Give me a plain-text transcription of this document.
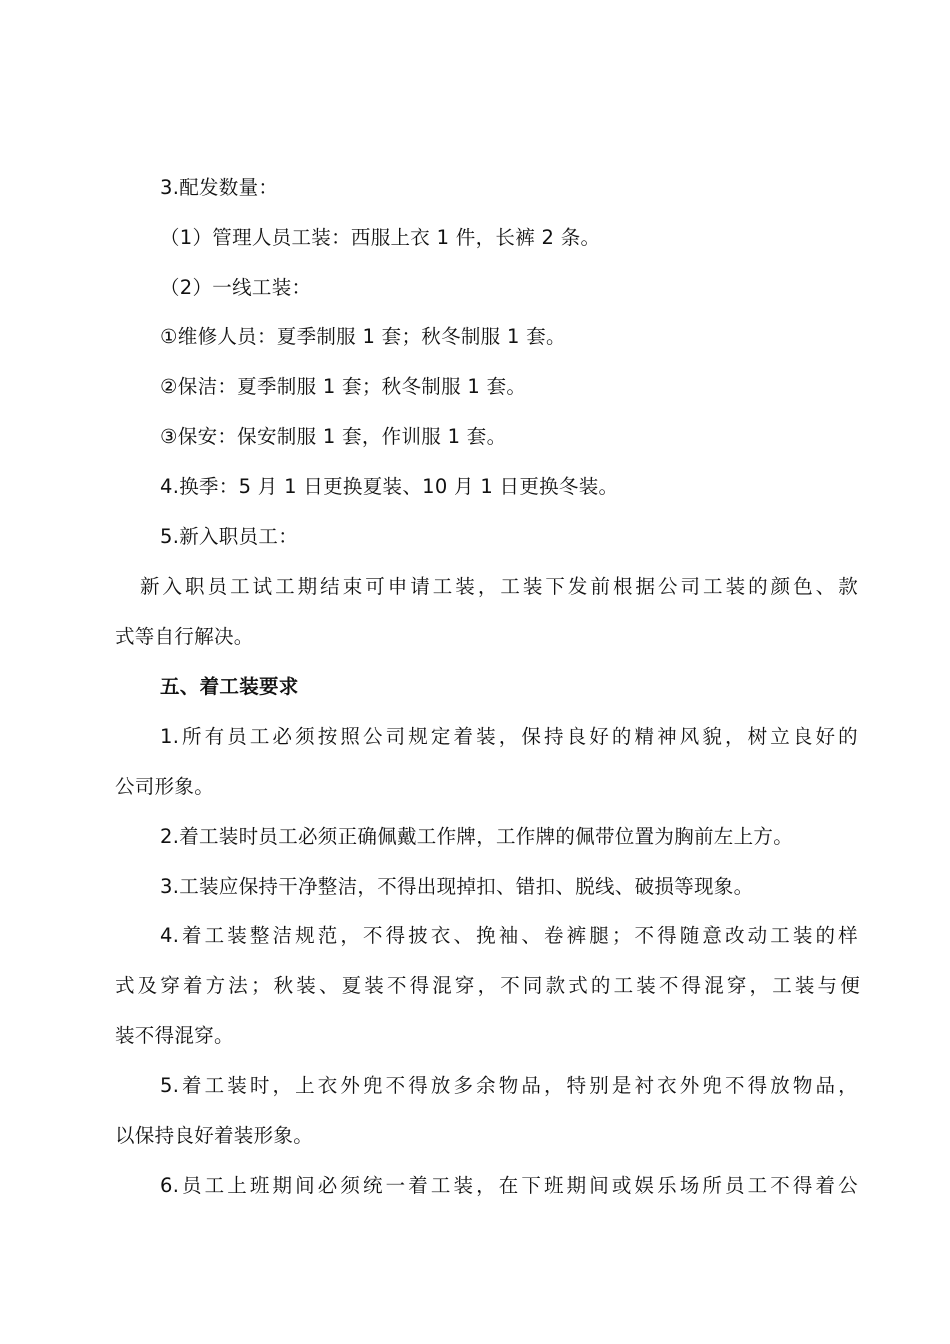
3.配发数量：
（1）管理人员工装：西服上衣 1 件，长裤 2 条。
（2）一线工装：
①维修人员：夏季制服 1 套；秋冬制服 1 套。
②保洁：夏季制服 1 套；秋冬制服 1 套。
③保安：保安制服 1 套，作训服 1 套。
4.换季：5 月 1 日更换夏装、10 月 1 日更换冬装。
5.新入职员工：
新入职员工试工期结束可申请工装，工装下发前根据公司工装的颜色、款
式等自行解决。
五、着工装要求
1.所有员工必须按照公司规定着装，保持良好的精神风貌，树立良好的
公司形象。
2.着工装时员工必须正确佩戴工作牌，工作牌的佩带位置为胸前左上方。
3.工装应保持干净整洁，不得出现掉扣、错扣、脱线、破损等现象。
4.着工装整洁规范，不得披衣、挽袖、卷裤腿；不得随意改动工装的样
式及穿着方法；秋装、夏装不得混穿，不同款式的工装不得混穿，工装与便
装不得混穿。
5.着工装时，上衣外兜不得放多余物品，特别是衬衣外兜不得放物品，
以保持良好着装形象。
6.员工上班期间必须统一着工装，在下班期间或娱乐场所员工不得着公
